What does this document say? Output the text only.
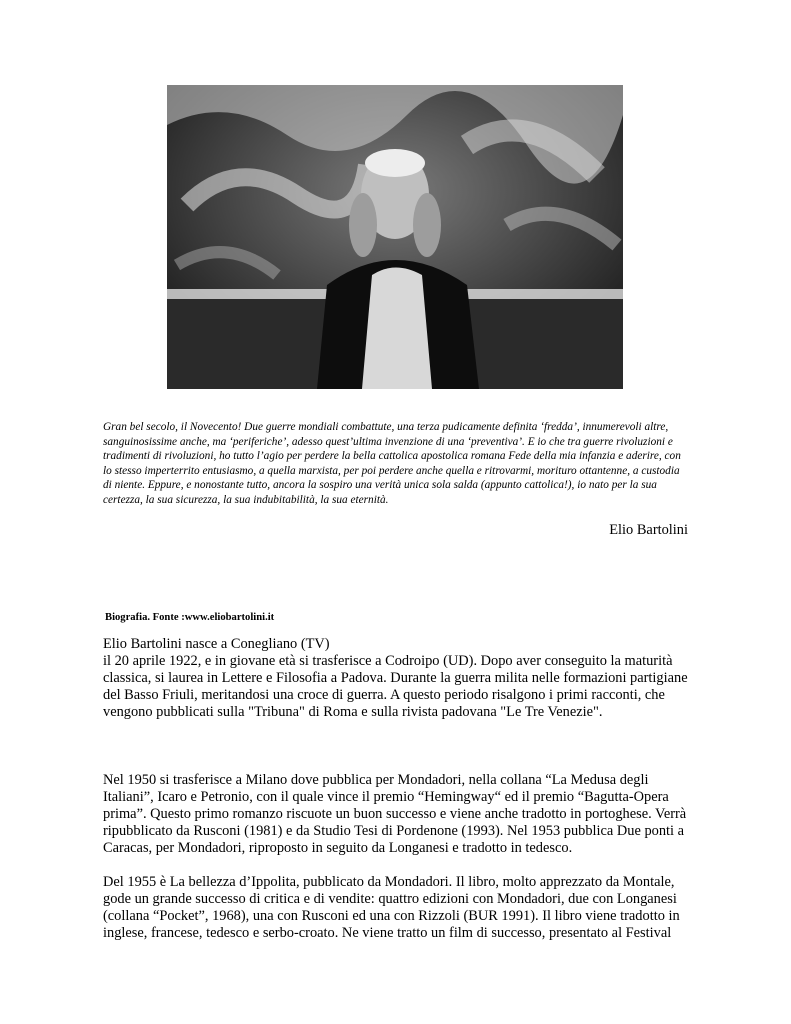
Gran bel secolo, il Novecento! Due guerre mondiali combattute, una terza pudicamente definita ‘fredda’, innumerevoli altre, sanguinosissime anche, ma ‘periferiche’, adesso quest’ultima invenzione di una ‘preventiva’. E io che tra guerre rivoluzioni e tradimenti di rivoluzioni, ho tutto l’agio per perdere la bella cattolica apostolica romana Fede della mia infanzia e aderire, con lo stesso imperterrito entusiasmo, a quella marxista, per poi perdere anche quella e ritrovarmi, morituro ottantenne, a custodia di niente. Eppure, e nonostante tutto, ancora la sospiro una verità unica sola salda (appunto cattolica!), io nato per la sua certezza, la sua sicurezza, la sua indubitabilità, la sua eternità.

Elio Bartolini

Biografia. Fonte :www.eliobartolini.it

Elio Bartolini nasce a Conegliano (TV)
il 20 aprile 1922, e in giovane età si trasferisce a Codroipo (UD). Dopo aver conseguito la maturità classica, si laurea in Lettere e Filosofia a Padova. Durante la guerra milita nelle formazioni partigiane del Basso Friuli, meritandosi una croce di guerra. A questo periodo risalgono i primi racconti, che vengono pubblicati sulla "Tribuna" di Roma e sulla rivista padovana "Le Tre Venezie".

Nel 1950 si trasferisce a Milano dove pubblica per Mondadori, nella collana “La Medusa degli Italiani”, Icaro e Petronio, con il quale vince il premio “Hemingway“ ed il premio “Bagutta-Opera prima”. Questo primo romanzo riscuote un buon successo e viene anche tradotto in portoghese. Verrà ripubblicato da Rusconi (1981) e da Studio Tesi di Pordenone (1993). Nel 1953 pubblica Due ponti a Caracas, per Mondadori, riproposto in seguito da Longanesi e tradotto in tedesco.

Del 1955 è La bellezza d’Ippolita, pubblicato da Mondadori. Il libro, molto apprezzato da Montale, gode un grande successo di critica e di vendite: quattro edizioni con Mondadori, due con Longanesi (collana “Pocket”, 1968), una con Rusconi ed una con Rizzoli (BUR 1991). Il libro viene tradotto in inglese, francese, tedesco e serbo-croato. Ne viene tratto un film di successo, presentato al Festival
